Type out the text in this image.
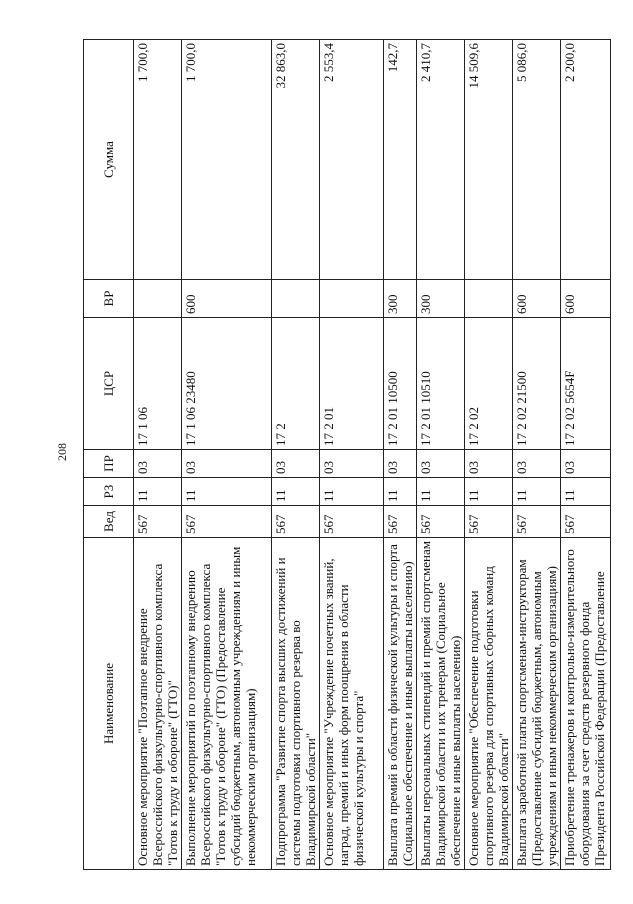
208
Наименование	Вед	РЗ	ПР	ЦСР	ВР	Сумма
Основное мероприятие "Поэтапное внедрение Всероссийского физкультурно-спортивного комплекса "Готов к труду и обороне" (ГТО)"	567	11	03	17 1 06		1 700,0
Выполнение мероприятий по поэтапному внедрению Всероссийского физкультурно-спортивного комплекса "Готов к труду и обороне" (ГТО) (Предоставление субсидий бюджетным, автономным учреждениям и иным некоммерческим организациям)	567	11	03	17 1 06 23480	600	1 700,0
Подпрограмма "Развитие спорта высших достижений и системы подготовки спортивного резерва во Владимирской области"	567	11	03	17 2		32 863,0
Основное мероприятие "Учреждение почетных званий, наград, премий и иных форм поощрения в области физической культуры и спорта"	567	11	03	17 2 01		2 553,4
Выплата премий в области физической культуры и спорта (Социальное обеспечение и иные выплаты населению)	567	11	03	17 2 01 10500	300	142,7
Выплаты персональных стипендий и премий спортсменам Владимирской области и их тренерам (Социальное обеспечение и иные выплаты населению)	567	11	03	17 2 01 10510	300	2 410,7
Основное мероприятие "Обеспечение подготовки спортивного резерва для спортивных сборных команд Владимирской области"	567	11	03	17 2 02		14 509,6
Выплата заработной платы спортсменам-инструкторам (Предоставление субсидий бюджетным, автономным учреждениям и иным некоммерческим организациям)	567	11	03	17 2 02 21500	600	5 086,0
Приобретение тренажеров и контрольно-измерительного оборудования за счет средств резервного фонда Президента Российской Федерации (Предоставление	567	11	03	17 2 02 5654F	600	2 200,0
